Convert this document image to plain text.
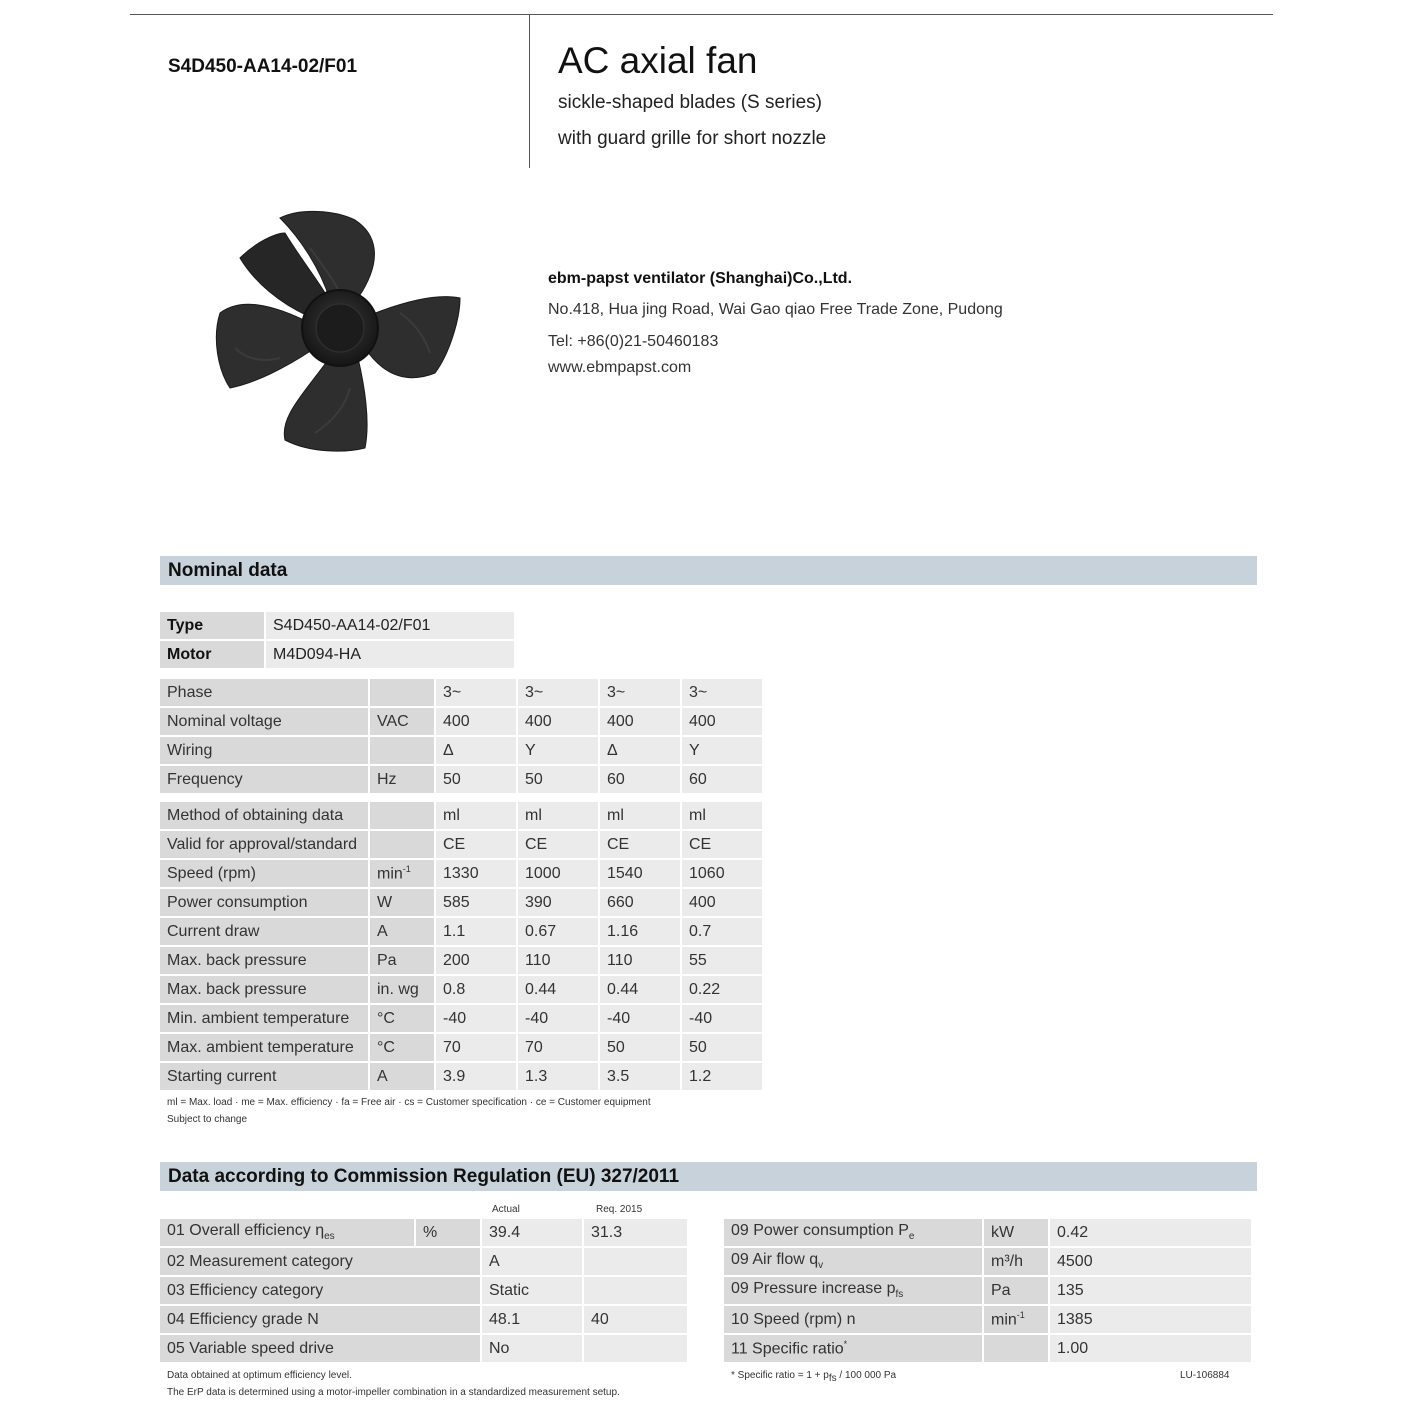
S4D450-AA14-02/F01	AC axial fan
sickle-shaped blades (S series)
with guard grille for short nozzle
ebm-papst ventilator (Shanghai)Co.,Ltd.
No.418, Hua jing Road, Wai Gao qiao Free Trade Zone, Pudong
Tel: +86(0)21-50460183
www.ebmpapst.com
Nominal data
Type	S4D450-AA14-02/F01
Motor	M4D094-HA
Phase		3~	3~	3~	3~
Nominal voltage	VAC	400	400	400	400
Wiring		Δ	Y	Δ	Y
Frequency	Hz	50	50	60	60
Method of obtaining data		ml	ml	ml	ml
Valid for approval/standard		CE	CE	CE	CE
Speed (rpm)	$\min^{-1}$	1330	1000	1540	1060
Power consumption	W	585	390	660	400
Current draw	A	1.1	0.67	1.16	0.7
Max. back pressure	Pa	200	110	110	55
Max. back pressure	in. wg	0.8	0.44	0.44	0.22
Min. ambient temperature	°C	-40	-40	-40	-40
Max. ambient temperature	°C	70	70	50	50
Starting current	A	3.9	1.3	3.5	1.2
ml = Max. load · me = Max. efficiency · fa = Free air · cs = Customer specification · ce = Customer equipment
Subject to change
Data according to Commission Regulation (EU) 327/2011
Actual	Req. 2015
01 Overall efficiency $\eta_{es}$	%	39.4	31.3
02 Measurement category		A	
03 Efficiency category		Static	
04 Efficiency grade N		48.1	40
05 Variable speed drive		No	
09 Power consumption $P_e$	kW	0.42
09 Air flow $q_v$	m³/h	4500
09 Pressure increase $p_{fs}$	Pa	135
10 Speed (rpm) n	$\min^{-1}$	1385
11 Specific ratio*		1.00
Data obtained at optimum efficiency level.
The ErP data is determined using a motor-impeller combination in a standardized measurement setup.
* Specific ratio = $1 + p_{fs} / 100$ 000 Pa	LU-106884
